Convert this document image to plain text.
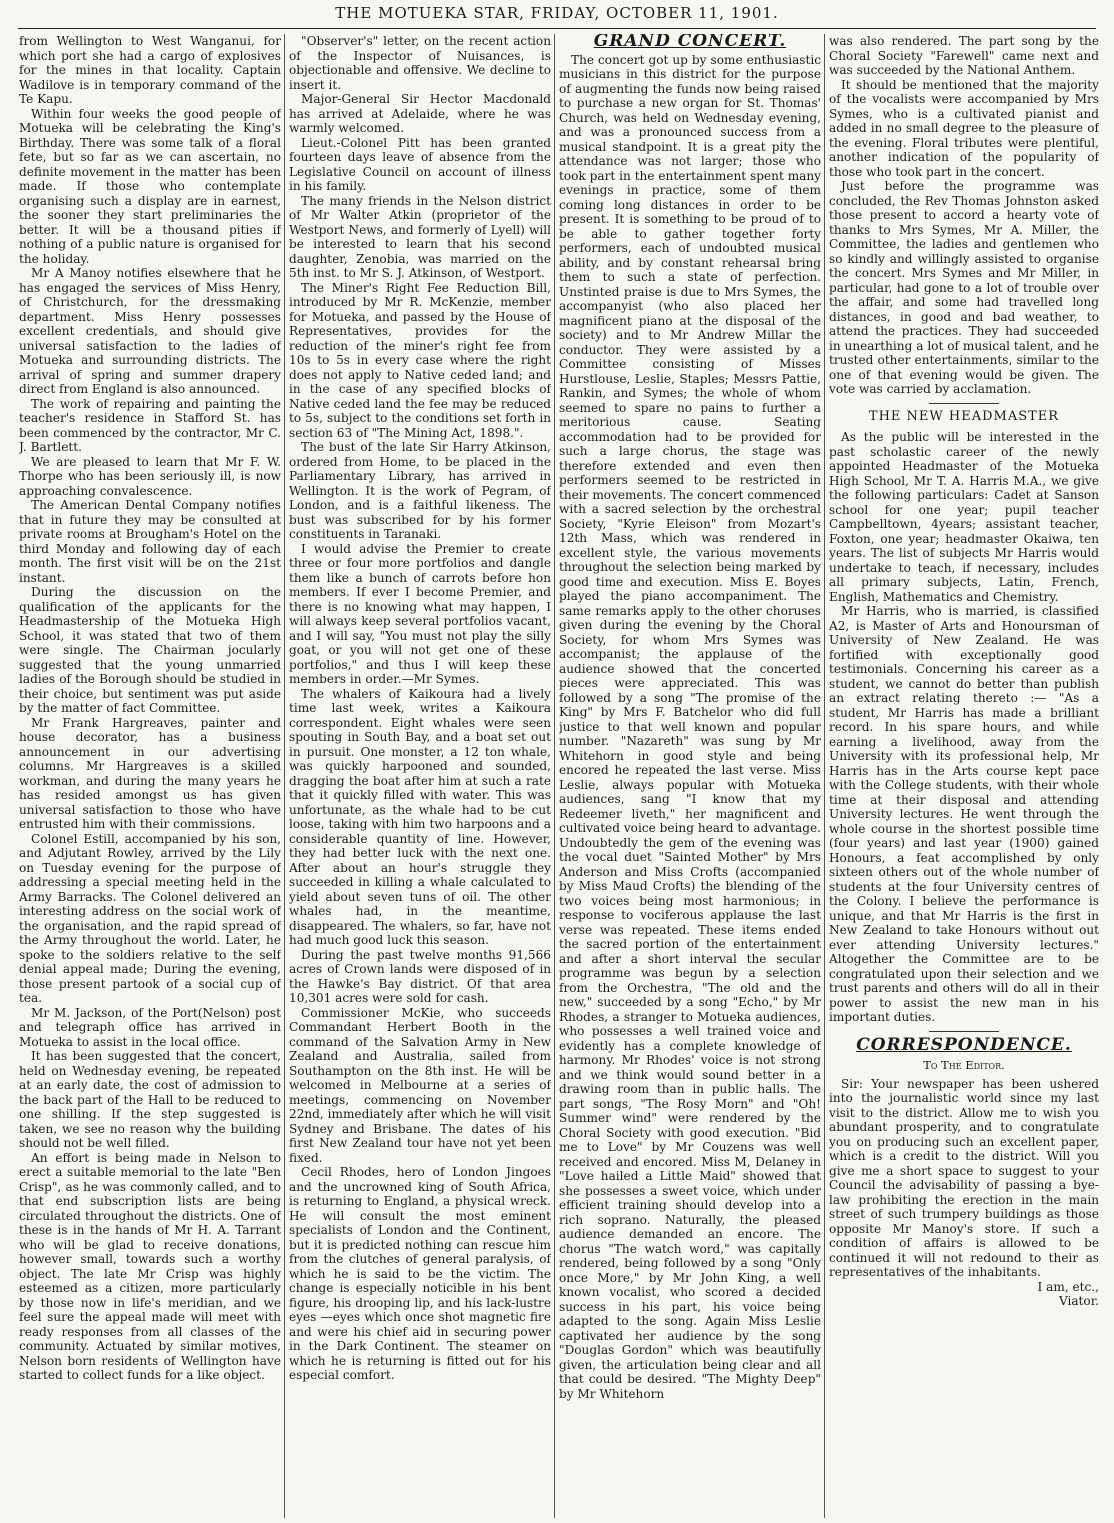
THE MOTUEKA STAR, FRIDAY, OCTOBER 11, 1901.

from Wellington to West Wanganui, for which port she had a cargo of explosives for the mines in that locality. Captain Wadilove is in temporary command of the Te Kapu.

Within four weeks the good people of Motueka will be celebrating the King's Birthday. There was some talk of a floral fete, but so far as we can ascertain, no definite movement in the matter has been made. If those who contemplate organising such a display are in earnest, the sooner they start preliminaries the better. It will be a thousand pities if nothing of a public nature is organised for the holiday.

Mr A Manoy notifies elsewhere that he has engaged the services of Miss Henry, of Christchurch, for the dressmaking department. Miss Henry possesses excellent credentials, and should give universal satisfaction to the ladies of Motueka and surrounding districts. The arrival of spring and summer drapery direct from England is also announced.

The work of repairing and painting the teacher's residence in Stafford St. has been commenced by the contractor, Mr C. J. Bartlett.

We are pleased to learn that Mr F. W. Thorpe who has been seriously ill, is now approaching convalescence.

The American Dental Company notifies that in future they may be consulted at private rooms at Brougham's Hotel on the third Monday and following day of each month. The first visit will be on the 21st instant.

During the discussion on the qualification of the applicants for the Headmastership of the Motueka High School, it was stated that two of them were single. The Chairman jocularly suggested that the young unmarried ladies of the Borough should be studied in their choice, but sentiment was put aside by the matter of fact Committee.

Mr Frank Hargreaves, painter and house decorator, has a business announcement in our advertising columns. Mr Hargreaves is a skilled workman, and during the many years he has resided amongst us has given universal satisfaction to those who have entrusted him with their commissions.

Colonel Estill, accompanied by his son, and Adjutant Rowley, arrived by the Lily on Tuesday evening for the purpose of addressing a special meeting held in the Army Barracks. The Colonel delivered an interesting address on the social work of the organisation, and the rapid spread of the Army throughout the world. Later, he spoke to the soldiers relative to the self denial appeal made; During the evening, those present partook of a social cup of tea.

Mr M. Jackson, of the Port(Nelson) post and telegraph office has arrived in Motueka to assist in the local office.

It has been suggested that the concert, held on Wednesday evening, be repeated at an early date, the cost of admission to the back part of the Hall to be reduced to one shilling. If the step suggested is taken, we see no reason why the building should not be well filled.

An effort is being made in Nelson to erect a suitable memorial to the late "Ben Crisp", as he was commonly called, and to that end subscription lists are being circulated throughout the districts. One of these is in the hands of Mr H. A. Tarrant who will be glad to receive donations, however small, towards such a worthy object. The late Mr Crisp was highly esteemed as a citizen, more particularly by those now in life's meridian, and we feel sure the appeal made will meet with ready responses from all classes of the community. Actuated by similar motives, Nelson born residents of Wellington have started to collect funds for a like object.

"Observer's" letter, on the recent action of the Inspector of Nuisances, is objectionable and offensive. We decline to insert it.

Major-General Sir Hector Macdonald has arrived at Adelaide, where he was warmly welcomed.

Lieut.-Colonel Pitt has been granted fourteen days leave of absence from the Legislative Council on account of illness in his family.

The many friends in the Nelson district of Mr Walter Atkin (proprietor of the Westport News, and formerly of Lyell) will be interested to learn that his second daughter, Zenobia, was married on the 5th inst. to Mr S. J. Atkinson, of Westport.

The Miner's Right Fee Reduction Bill, introduced by Mr R. McKenzie, member for Motueka, and passed by the House of Representatives, provides for the reduction of the miner's right fee from 10s to 5s in every case where the right does not apply to Native ceded land; and in the case of any specified blocks of Native ceded land the fee may be reduced to 5s, subject to the conditions set forth in section 63 of "The Mining Act, 1898.".

The bust of the late Sir Harry Atkinson, ordered from Home, to be placed in the Parliamentary Library, has arrived in Wellington. It is the work of Pegram, of London, and is a faithful likeness. The bust was subscribed for by his former constituents in Taranaki.

I would advise the Premier to create three or four more portfolios and dangle them like a bunch of carrots before hon members. If ever I become Premier, and there is no knowing what may happen, I will always keep several portfolios vacant, and I will say, "You must not play the silly goat, or you will not get one of these portfolios," and thus I will keep these members in order.—Mr Symes.

The whalers of Kaikoura had a lively time last week, writes a Kaikoura correspondent. Eight whales were seen spouting in South Bay, and a boat set out in pursuit. One monster, a 12 ton whale, was quickly harpooned and sounded, dragging the boat after him at such a rate that it quickly filled with water. This was unfortunate, as the whale had to be cut loose, taking with him two harpoons and a considerable quantity of line. However, they had better luck with the next one. After about an hour's struggle they succeeded in killing a whale calculated to yield about seven tuns of oil. The other whales had, in the meantime, disappeared. The whalers, so far, have not had much good luck this season.

During the past twelve months 91,566 acres of Crown lands were disposed of in the Hawke's Bay district. Of that area 10,301 acres were sold for cash.

Commissioner McKie, who succeeds Commandant Herbert Booth in the command of the Salvation Army in New Zealand and Australia, sailed from Southampton on the 8th inst. He will be welcomed in Melbourne at a series of meetings, commencing on November 22nd, immediately after which he will visit Sydney and Brisbane. The dates of his first New Zealand tour have not yet been fixed.

Cecil Rhodes, hero of London Jingoes and the uncrowned king of South Africa, is returning to England, a physical wreck. He will consult the most eminent specialists of London and the Continent, but it is predicted nothing can rescue him from the clutches of general paralysis, of which he is said to be the victim. The change is especially noticible in his bent figure, his drooping lip, and his lack-lustre eyes —eyes which once shot magnetic fire and were his chief aid in securing power in the Dark Continent. The steamer on which he is returning is fitted out for his especial comfort.

GRAND CONCERT.

The concert got up by some enthusiastic musicians in this district for the purpose of augmenting the funds now being raised to purchase a new organ for St. Thomas' Church, was held on Wednesday evening, and was a pronounced success from a musical standpoint. It is a great pity the attendance was not larger; those who took part in the entertainment spent many evenings in practice, some of them coming long distances in order to be present. It is something to be proud of to be able to gather together forty performers, each of undoubted musical ability, and by constant rehearsal bring them to such a state of perfection. Unstinted praise is due to Mrs Symes, the accompanyist (who also placed her magnificent piano at the disposal of the society) and to Mr Andrew Millar the conductor. They were assisted by a Committee consisting of Misses Hurstlouse, Leslie, Staples; Messrs Pattie, Rankin, and Symes; the whole of whom seemed to spare no pains to further a meritorious cause. Seating accommodation had to be provided for such a large chorus, the stage was therefore extended and even then performers seemed to be restricted in their movements. The concert commenced with a sacred selection by the orchestral Society, "Kyrie Eleison" from Mozart's 12th Mass, which was rendered in excellent style, the various movements throughout the selection being marked by good time and execution. Miss E. Boyes played the piano accompaniment. The same remarks apply to the other choruses given during the evening by the Choral Society, for whom Mrs Symes was accompanist; the applause of the audience showed that the concerted pieces were appreciated. This was followed by a song "The promise of the King" by Mrs F. Batchelor who did full justice to that well known and popular number. "Nazareth" was sung by Mr Whitehorn in good style and being encored he repeated the last verse. Miss Leslie, always popular with Motueka audiences, sang "I know that my Redeemer liveth," her magnificent and cultivated voice being heard to advantage. Undoubtedly the gem of the evening was the vocal duet "Sainted Mother" by Mrs Anderson and Miss Crofts (accompanied by Miss Maud Crofts) the blending of the two voices being most harmonious; in response to vociferous applause the last verse was repeated. These items ended the sacred portion of the entertainment and after a short interval the secular programme was begun by a selection from the Orchestra, "The old and the new," succeeded by a song "Echo," by Mr Rhodes, a stranger to Motueka audiences, who possesses a well trained voice and evidently has a complete knowledge of harmony. Mr Rhodes' voice is not strong and we think would sound better in a drawing room than in public halls. The part songs, "The Rosy Morn" and "Oh! Summer wind" were rendered by the Choral Society with good execution. "Bid me to Love" by Mr Couzens was well received and encored. Miss M, Delaney in "Love hailed a Little Maid" showed that she possesses a sweet voice, which under efficient training should develop into a rich soprano. Naturally, the pleased audience demanded an encore. The chorus "The watch word," was capitally rendered, being followed by a song "Only once More," by Mr John King, a well known vocalist, who scored a decided success in his part, his voice being adapted to the song. Again Miss Leslie captivated her audience by the song "Douglas Gordon" which was beautifully given, the articulation being clear and all that could be desired. "The Mighty Deep" by Mr Whitehorn

was also rendered. The part song by the Choral Society "Farewell" came next and was succeeded by the National Anthem.

It should be mentioned that the majority of the vocalists were accompanied by Mrs Symes, who is a cultivated pianist and added in no small degree to the pleasure of the evening. Floral tributes were plentiful, another indication of the popularity of those who took part in the concert.

Just before the programme was concluded, the Rev Thomas Johnston asked those present to accord a hearty vote of thanks to Mrs Symes, Mr A. Miller, the Committee, the ladies and gentlemen who so kindly and willingly assisted to organise the concert. Mrs Symes and Mr Miller, in particular, had gone to a lot of trouble over the affair, and some had travelled long distances, in good and bad weather, to attend the practices. They had succeeded in unearthing a lot of musical talent, and he trusted other entertainments, similar to the one of that evening would be given. The vote was carried by acclamation.

THE NEW HEADMASTER

As the public will be interested in the past scholastic career of the newly appointed Headmaster of the Motueka High School, Mr T. A. Harris M.A., we give the following particulars: Cadet at Sanson school for one year; pupil teacher Campbelltown, 4years; assistant teacher, Foxton, one year; headmaster Okaiwa, ten years. The list of subjects Mr Harris would undertake to teach, if necessary, includes all primary subjects, Latin, French, English, Mathematics and Chemistry.

Mr Harris, who is married, is classified A2, is Master of Arts and Honoursman of University of New Zealand. He was fortified with exceptionally good testimonials. Concerning his career as a student, we cannot do better than publish an extract relating thereto :— "As a student, Mr Harris has made a brilliant record. In his spare hours, and while earning a livelihood, away from the University with its professional help, Mr Harris has in the Arts course kept pace with the College students, with their whole time at their disposal and attending University lectures. He went through the whole course in the shortest possible time (four years) and last year (1900) gained Honours, a feat accomplished by only sixteen others out of the whole number of students at the four University centres of the Colony. I believe the performance is unique, and that Mr Harris is the first in New Zealand to take Honours without out ever attending University lectures." Altogether the Committee are to be congratulated upon their selection and we trust parents and others will do all in their power to assist the new man in his important duties.

CORRESPONDENCE.
To The Editor.

Sir: Your newspaper has been ushered into the journalistic world since my last visit to the district. Allow me to wish you abundant prosperity, and to congratulate you on producing such an excellent paper, which is a credit to the district. Will you give me a short space to suggest to your Council the advisability of passing a bye-law prohibiting the erection in the main street of such trumpery buildings as those opposite Mr Manoy's store. If such a condition of affairs is allowed to be continued it will not redound to their as representatives of the inhabitants.

I am, etc.,

Viator.
